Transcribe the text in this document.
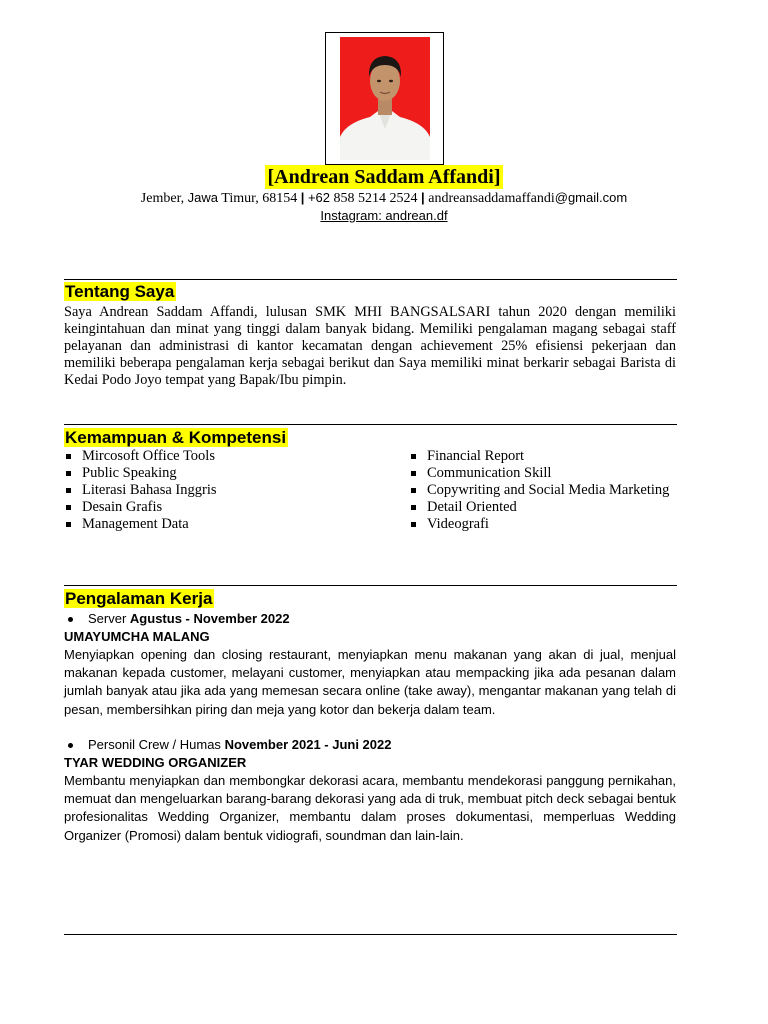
[Andrean Saddam Affandi]
Jember, Jawa Timur, 68154 | +62 858 5214 2524 | andreansaddamaffandi@gmail.com
Instagram: andrean.df
Tentang Saya

Saya Andrean Saddam Affandi, lulusan SMK MHI BANGSALSARI tahun 2020 dengan memiliki keingintahuan dan minat yang tinggi dalam banyak bidang. Memiliki pengalaman magang sebagai staff pelayanan dan administrasi di kantor kecamatan dengan achievement 25% efisiensi pekerjaan dan memiliki beberapa pengalaman kerja sebagai berikut dan Saya memiliki minat berkarir sebagai Barista di Kedai Podo Joyo tempat yang Bapak/Ibu pimpin.

Kemampuan & Kompetensi
Mircosoft Office Tools
Public Speaking
Literasi Bahasa Inggris
Desain Grafis
Management Data
Financial Report
Communication Skill
Copywriting and Social Media Marketing
Detail Oriented
Videografi
Pengalaman Kerja
Server Agustus - November 2022
UMAYUMCHA MALANG

Menyiapkan opening dan closing restaurant, menyiapkan menu makanan yang akan di jual, menjual makanan kepada customer, melayani customer, menyiapkan atau mempacking jika ada pesanan dalam jumlah banyak atau jika ada yang memesan secara online (take away), mengantar makanan yang telah di pesan, membersihkan piring dan meja yang kotor dan bekerja dalam team.

Personil Crew / Humas November 2021 - Juni 2022
TYAR WEDDING ORGANIZER

Membantu menyiapkan dan membongkar dekorasi acara, membantu mendekorasi panggung pernikahan, memuat dan mengeluarkan barang-barang dekorasi yang ada di truk, membuat pitch deck sebagai bentuk profesionalitas Wedding Organizer, membantu dalam proses dokumentasi, memperluas Wedding Organizer (Promosi) dalam bentuk vidiografi, soundman dan lain-lain.
